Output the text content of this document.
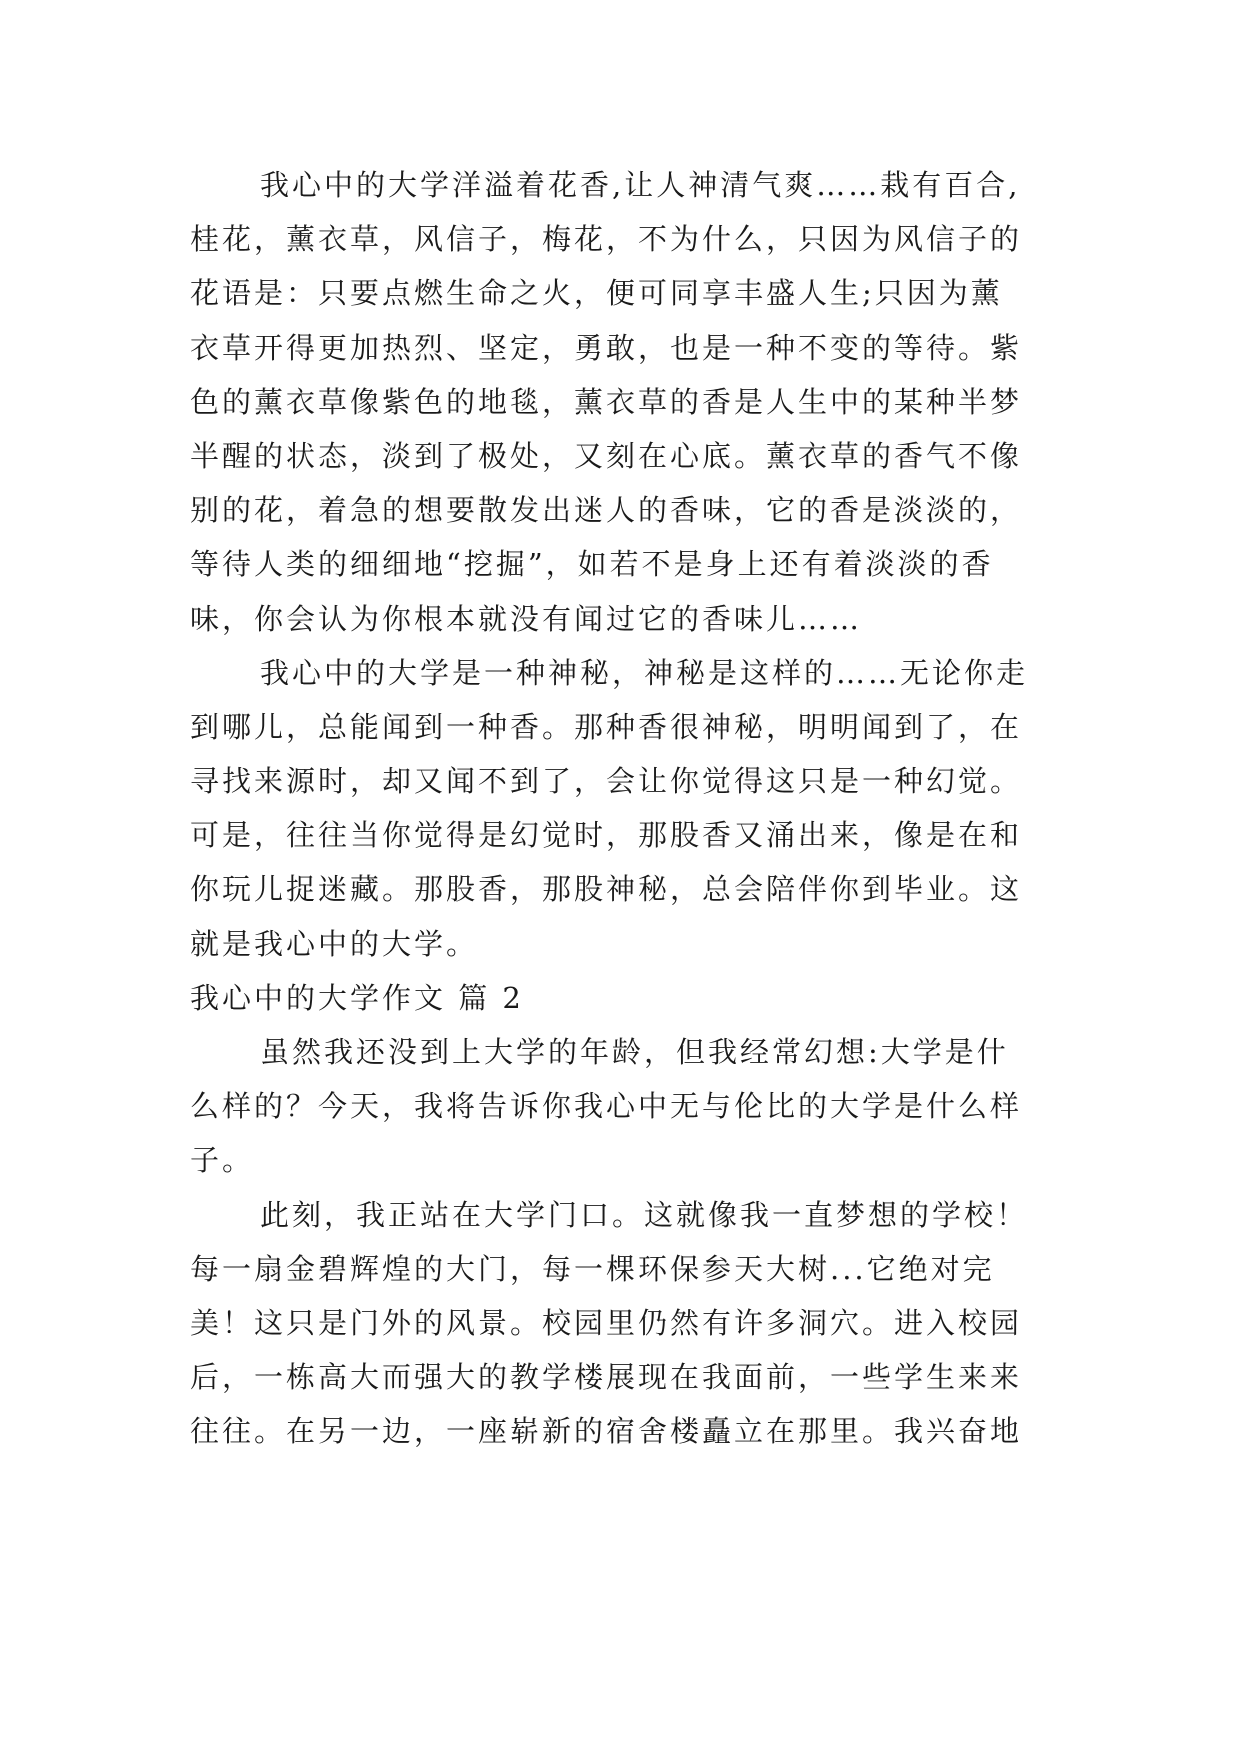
我心中的大学洋溢着花香,让人神清气爽……栽有百合,
桂花，薰衣草，风信子，梅花，不为什么，只因为风信子的
花语是：只要点燃生命之火，便可同享丰盛人生;只因为薰
衣草开得更加热烈、坚定，勇敢，也是一种不变的等待。紫
色的薰衣草像紫色的地毯，薰衣草的香是人生中的某种半梦
半醒的状态，淡到了极处，又刻在心底。薰衣草的香气不像
别的花，着急的想要散发出迷人的香味，它的香是淡淡的，
等待人类的细细地“挖掘”，如若不是身上还有着淡淡的香
味，你会认为你根本就没有闻过它的香味儿……
我心中的大学是一种神秘，神秘是这样的……无论你走
到哪儿，总能闻到一种香。那种香很神秘，明明闻到了，在
寻找来源时，却又闻不到了，会让你觉得这只是一种幻觉。
可是，往往当你觉得是幻觉时，那股香又涌出来，像是在和
你玩儿捉迷藏。那股香，那股神秘，总会陪伴你到毕业。这
就是我心中的大学。
我心中的大学作文 篇 2
虽然我还没到上大学的年龄，但我经常幻想:大学是什
么样的？今天，我将告诉你我心中无与伦比的大学是什么样
子。
此刻，我正站在大学门口。这就像我一直梦想的学校！
每一扇金碧辉煌的大门，每一棵环保参天大树...它绝对完
美！这只是门外的风景。校园里仍然有许多洞穴。进入校园
后，一栋高大而强大的教学楼展现在我面前，一些学生来来
往往。在另一边，一座崭新的宿舍楼矗立在那里。我兴奋地
